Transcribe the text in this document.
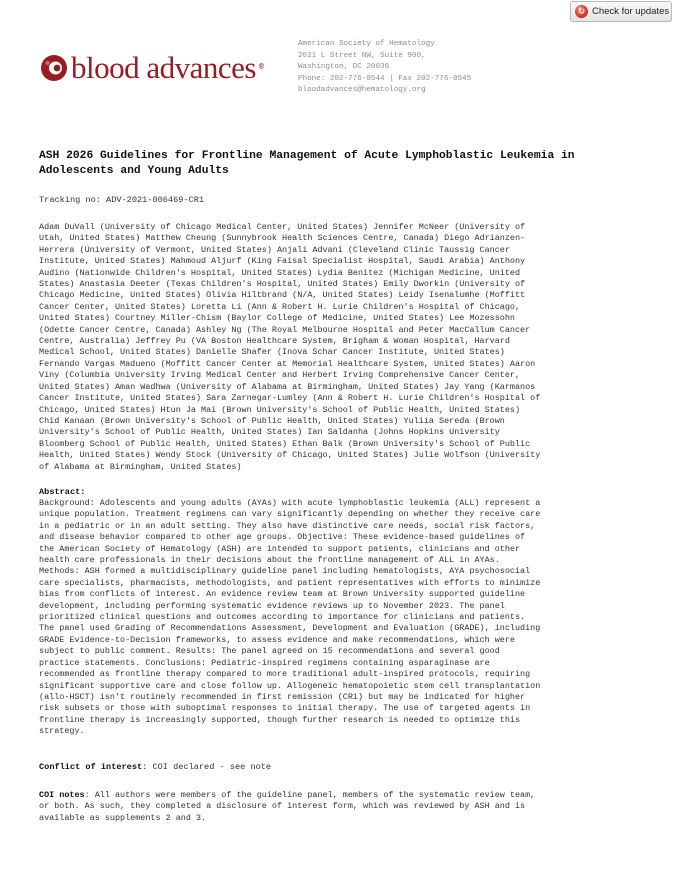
↻ Check for updates
blood advances ®
American Society of Hematology
2021 L Street NW, Suite 900,
Washington, DC 20036
Phone: 202-776-0544 | Fax 202-776-0545
bloodadvances@hematology.org
ASH 2026 Guidelines for Frontline Management of Acute Lymphoblastic Leukemia in Adolescents and Young Adults
Tracking no: ADV-2021-006469-CR1
Adam DuVall (University of Chicago Medical Center, United States) Jennifer McNeer (University of
Utah, United States) Matthew Cheung (Sunnybrook Health Sciences Centre, Canada) Diego Adrianzen-
Herrera (University of Vermont, United States) Anjali Advani (Cleveland Clinic Taussig Cancer
Institute, United States) Mahmoud Aljurf (King Faisal Specialist Hospital, Saudi Arabia) Anthony
Audino (Nationwide Children's Hospital, United States) Lydia Benitez (Michigan Medicine, United
States) Anastasia Deeter (Texas Children's Hospital, United States) Emily Dworkin (University of
Chicago Medicine, United States) Olivia Hiltbrand (N/A, United States) Leidy Isenalumhe (Moffitt
Cancer Center, United States) Loretta Li (Ann & Robert H. Lurie Children's Hospital of Chicago,
United States) Courtney Miller-Chism (Baylor College of Medicine, United States) Lee Mozessohn
(Odette Cancer Centre, Canada) Ashley Ng (The Royal Melbourne Hospital and Peter MacCallum Cancer
Centre, Australia) Jeffrey Pu (VA Boston Healthcare System, Brigham & Woman Hospital, Harvard
Medical School, United States) Danielle Shafer (Inova Schar Cancer Institute, United States)
Fernando Vargas Madueno (Moffitt Cancer Center at Memorial Healthcare System, United States) Aaron
Viny (Columbia University Irving Medical Center and Herbert Irving Comprehensive Cancer Center,
United States) Aman Wadhwa (University of Alabama at Birmingham, United States) Jay Yang (Karmanos
Cancer Institute, United States) Sara Zarnegar-Lumley (Ann & Robert H. Lurie Children's Hospital of
Chicago, United States) Htun Ja Mai (Brown University's School of Public Health, United States)
Chid Kanaan (Brown University's School of Public Health, United States) Yuliia Sereda (Brown
University's School of Public Health, United States) Ian Saldanha (Johns Hopkins University
Bloomberg School of Public Health, United States) Ethan Balk (Brown University's School of Public
Health, United States) Wendy Stock (University of Chicago, United States) Julie Wolfson (University
of Alabama at Birmingham, United States)
Abstract:
Background: Adolescents and young adults (AYAs) with acute lymphoblastic leukemia (ALL) represent a
unique population. Treatment regimens can vary significantly depending on whether they receive care
in a pediatric or in an adult setting. They also have distinctive care needs, social risk factors,
and disease behavior compared to other age groups. Objective: These evidence-based guidelines of
the American Society of Hematology (ASH) are intended to support patients, clinicians and other
health care professionals in their decisions about the frontline management of ALL in AYAs.
Methods: ASH formed a multidisciplinary guideline panel including hematologists, AYA psychosocial
care specialists, pharmacists, methodologists, and patient representatives with efforts to minimize
bias from conflicts of interest. An evidence review team at Brown University supported guideline
development, including performing systematic evidence reviews up to November 2023. The panel
prioritized clinical questions and outcomes according to importance for clinicians and patients.
The panel used Grading of Recommendations Assessment, Development and Evaluation (GRADE), including
GRADE Evidence-to-Decision frameworks, to assess evidence and make recommendations, which were
subject to public comment. Results: The panel agreed on 15 recommendations and several good
practice statements. Conclusions: Pediatric-inspired regimens containing asparaginase are
recommended as frontline therapy compared to more traditional adult-inspired protocols, requiring
significant supportive care and close follow up. Allogeneic hematopoietic stem cell transplantation
(allo-HSCT) isn't routinely recommended in first remission (CR1) but may be indicated for higher
risk subsets or those with suboptimal responses to initial therapy. The use of targeted agents in
frontline therapy is increasingly supported, though further research is needed to optimize this
strategy.
Conflict of interest: COI declared - see note
COI notes: All authors were members of the guideline panel, members of the systematic review team,
or both. As such, they completed a disclosure of interest form, which was reviewed by ASH and is
available as supplements 2 and 3.
